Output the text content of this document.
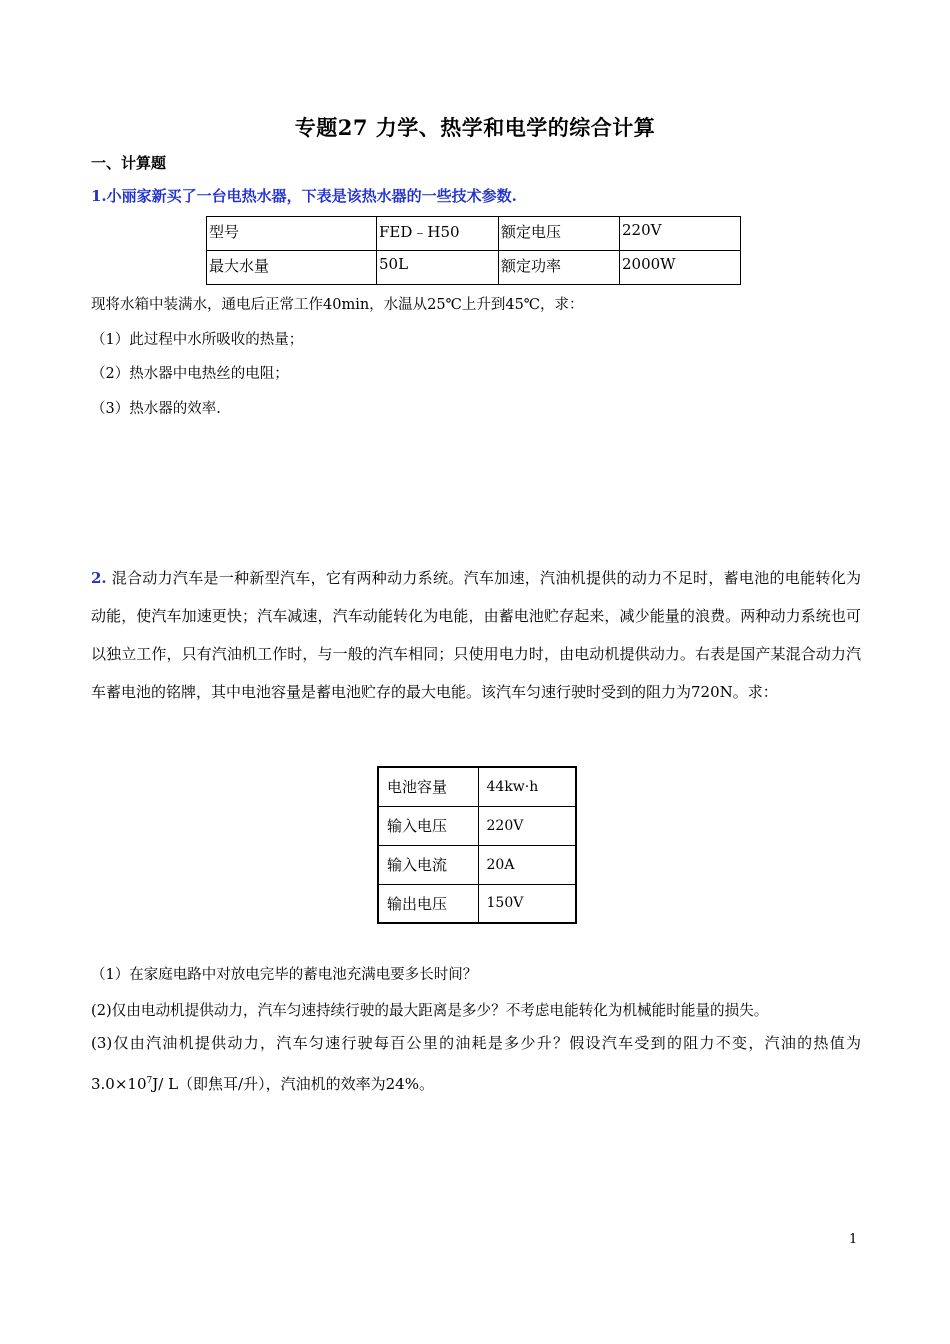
专题27 力学、热学和电学的综合计算
一、计算题
1.小丽家新买了一台电热水器，下表是该热水器的一些技术参数.
型号	FED﹣H50	额定电压	220V
最大水量	50L	额定功率	2000W
现将水箱中装满水，通电后正常工作40min，水温从25℃上升到45℃，求：
（1）此过程中水所吸收的热量；
（2）热水器中电热丝的电阻；
（3）热水器的效率.
2. 混合动力汽车是一种新型汽车，它有两种动力系统。汽车加速，汽油机提供的动力不足时，蓄电池的电能转化为动能，使汽车加速更快；汽车减速，汽车动能转化为电能，由蓄电池贮存起来，减少能量的浪费。两种动力系统也可以独立工作，只有汽油机工作时，与一般的汽车相同；只使用电力时，由电动机提供动力。右表是国产某混合动力汽车蓄电池的铭牌，其中电池容量是蓄电池贮存的最大电能。该汽车匀速行驶时受到的阻力为720N。求：
电池容量	44kw·h
输入电压	220V
输入电流	20A
输出电压	150V
（1）在家庭电路中对放电完毕的蓄电池充满电要多长时间？
(2)仅由电动机提供动力，汽车匀速持续行驶的最大距离是多少？不考虑电能转化为机械能时能量的损失。
(3)仅由汽油机提供动力，汽车匀速行驶每百公里的油耗是多少升？假设汽车受到的阻力不变，汽油的热值为$3.0\times 10^7J/$ L（即焦耳/升），汽油机的效率为24%。
1
